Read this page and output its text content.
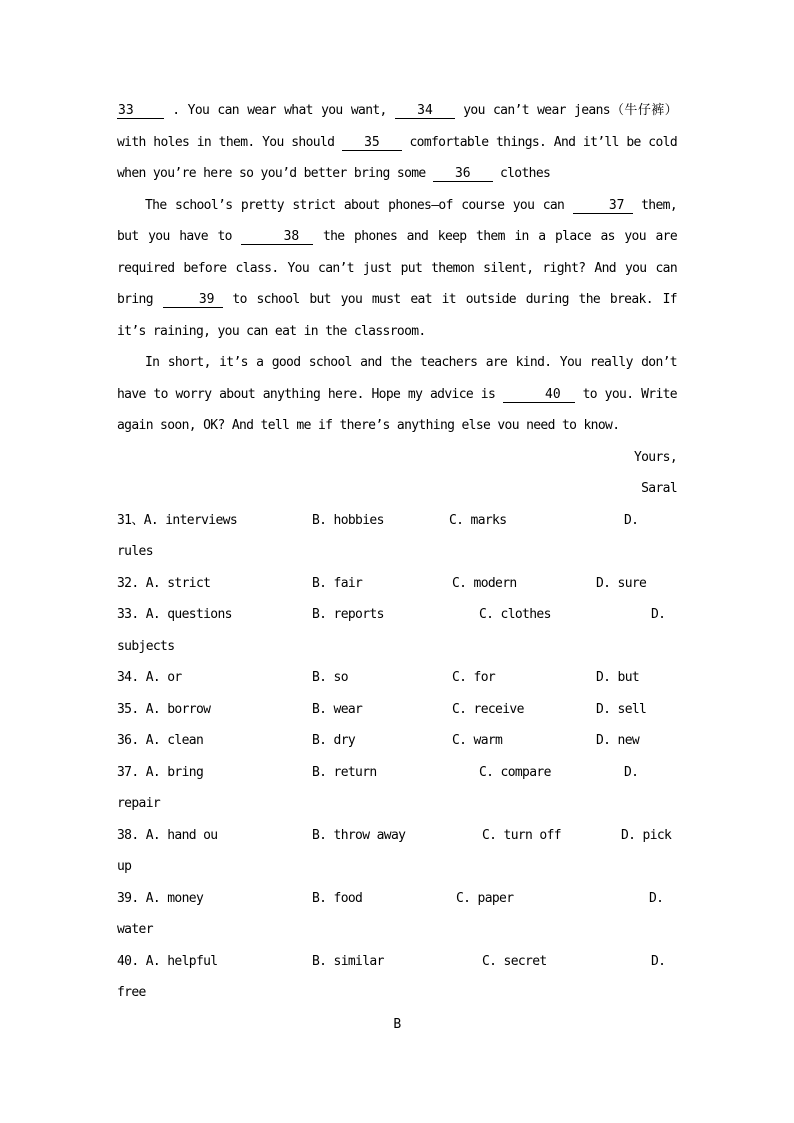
33 . You can wear what you want, 34 you can’t wear jeans（牛仔裤） with holes in them. You should 35 comfortable things. And it’ll be cold when you’re here so you’d better bring some 36 clothes
The school’s pretty strict about phones—of course you can	37 them, but you have to	38 the phones and keep them in a place as you are required before class. You can’t just put themon silent, right? And you can bring	39 to school but you must eat it outside during the break. If it’s raining, you can eat in the classroom.
In short, it’s a good school and the teachers are kind. You really don’t have to worry about anything here. Hope my advice is	40 to you. Write again soon, OK? And tell me if there’s anything else vou need to know.
Yours,
Saral
31、A. interviews	B. hobbies	C. marks	D.
rules
32. A. strict	B. fair	C. modern	D. sure
33. A. questions	B. reports	C. clothes	D.
subjects
34. A. or	B. so	C. for	D. but
35. A. borrow	B. wear	C. receive	D. sell
36. A. clean	B. dry	C. warm	D. new
37. A. bring	B. return	C. compare	D.
repair
38. A. hand ou	B. throw away	C. turn off	D. pick
up
39. A. money	B. food	C. paper	D.
water
40. A. helpful	B. similar	C. secret	D.
free
B
